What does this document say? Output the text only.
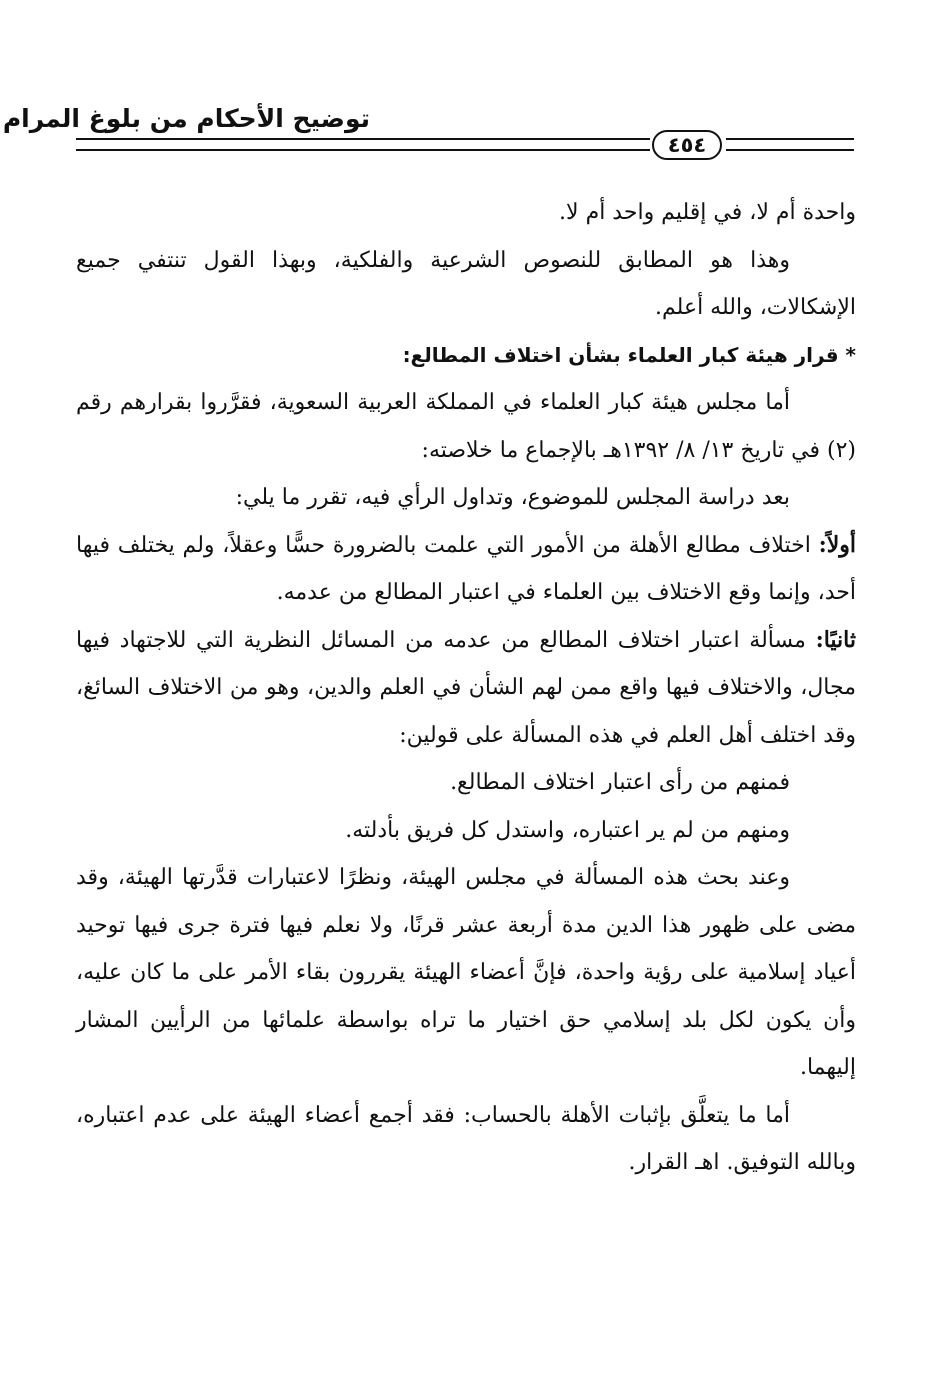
توضيح الأحكام من بلوغ المرام
٤٥٤

واحدة أم لا، في إقليم واحد أم لا.

وهذا هو المطابق للنصوص الشرعية والفلكية، وبهذا القول تنتفي جميع الإشكالات، والله أعلم.

* قرار هيئة كبار العلماء بشأن اختلاف المطالع:

أما مجلس هيئة كبار العلماء في المملكة العربية السعوية، فقرَّروا بقرارهم رقم (٢) في تاريخ ١٣/ ٨/ ١٣٩٢هـ بالإجماع ما خلاصته:

بعد دراسة المجلس للموضوع، وتداول الرأي فيه، تقرر ما يلي:

أولاً: اختلاف مطالع الأهلة من الأمور التي علمت بالضرورة حسًّا وعقلاً، ولم يختلف فيها أحد، وإنما وقع الاختلاف بين العلماء في اعتبار المطالع من عدمه.

ثانيًا: مسألة اعتبار اختلاف المطالع من عدمه من المسائل النظرية التي للاجتهاد فيها مجال، والاختلاف فيها واقع ممن لهم الشأن في العلم والدين، وهو من الاختلاف السائغ، وقد اختلف أهل العلم في هذه المسألة على قولين:

فمنهم من رأى اعتبار اختلاف المطالع.

ومنهم من لم ير اعتباره، واستدل كل فريق بأدلته.

وعند بحث هذه المسألة في مجلس الهيئة، ونظرًا لاعتبارات قدَّرتها الهيئة، وقد مضى على ظهور هذا الدين مدة أربعة عشر قرنًا، ولا نعلم فيها فترة جرى فيها توحيد أعياد إسلامية على رؤية واحدة، فإنَّ أعضاء الهيئة يقررون بقاء الأمر على ما كان عليه، وأن يكون لكل بلد إسلامي حق اختيار ما تراه بواسطة علمائها من الرأيين المشار إليهما.

أما ما يتعلَّق بإثبات الأهلة بالحساب: فقد أجمع أعضاء الهيئة على عدم اعتباره، وبالله التوفيق. اهـ القرار.
